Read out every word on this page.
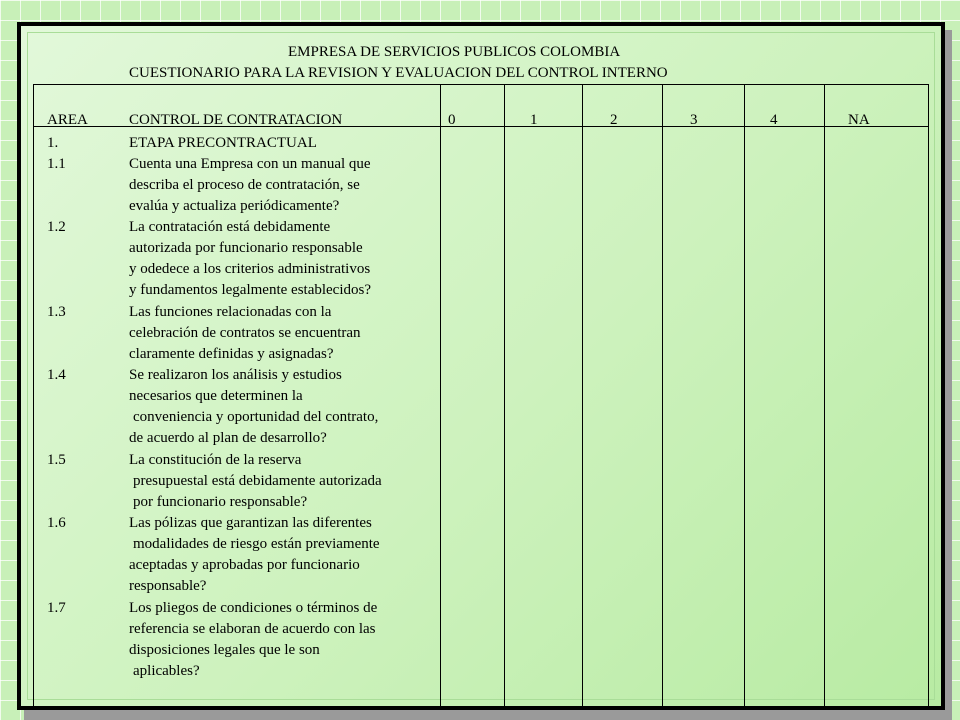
EMPRESA DE SERVICIOS PUBLICOS COLOMBIA
CUESTIONARIO PARA LA REVISION Y EVALUACION DEL CONTROL INTERNO
AREA	CONTROL DE CONTRATACION	0	1	2	3	4	NA
1.	ETAPA PRECONTRACTUAL
1.1	Cuenta una Empresa con un manual que
describa el proceso de contratación, se
evalúa y actualiza periódicamente?
1.2	La contratación está debidamente
autorizada por funcionario responsable
y odedece a los criterios administrativos
y fundamentos legalmente establecidos?
1.3	Las funciones relacionadas con la
celebración de contratos se encuentran
claramente definidas y asignadas?
1.4	Se realizaron los análisis y estudios
necesarios que determinen la
conveniencia y oportunidad del contrato,
de acuerdo al plan de desarrollo?
1.5	La constitución de la reserva
presupuestal está debidamente autorizada
por funcionario responsable?
1.6	Las pólizas que garantizan las diferentes
modalidades de riesgo están previamente
aceptadas y aprobadas por funcionario
responsable?
1.7	Los pliegos de condiciones o términos de
referencia se elaboran de acuerdo con las
disposiciones legales que le son
aplicables?
